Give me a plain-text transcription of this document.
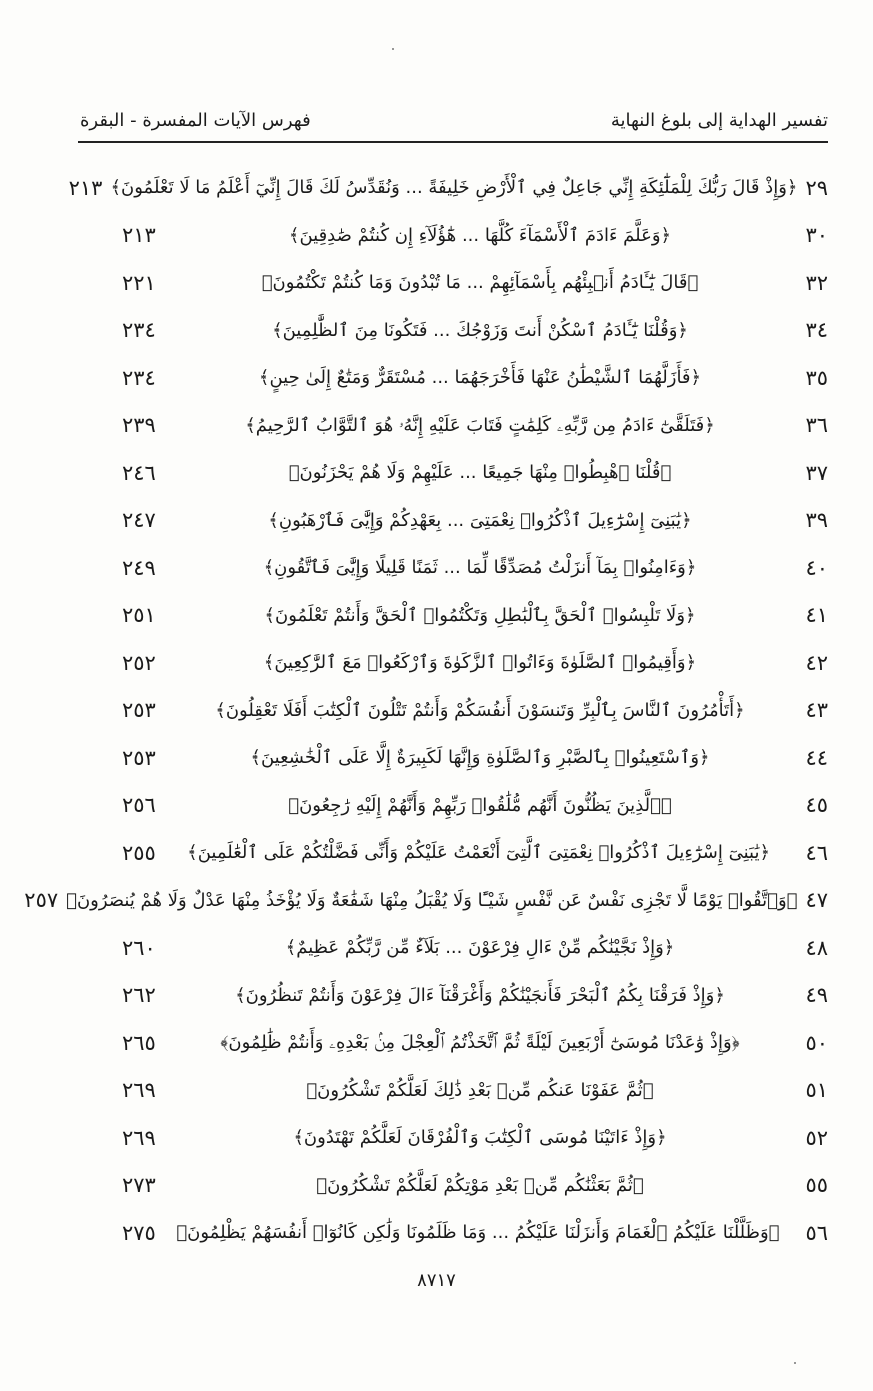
تفسير الهداية إلى بلوغ النهاية
فهرس الآيات المفسرة - البقرة
٢٩
﴿وَإِذْ قَالَ رَبُّكَ لِلْمَلَٰٓئِكَةِ إِنِّي جَاعِلٌ فِي ٱلْأَرْضِ خَلِيفَةً ... وَنُقَدِّسُ لَكَ قَالَ إِنِّيٓ أَعْلَمُ مَا لَا تَعْلَمُونَ﴾
٢١٣
٣٠
﴿وَعَلَّمَ ءَادَمَ ٱلْأَسْمَآءَ كُلَّهَا ... هَٰٓؤُلَآءِ إِن كُنتُمْ صَٰدِقِينَ﴾
٢١٣
٣٢
﴿قَالَ يَٰٓـَٔادَمُ أَنۢبِئْهُم بِأَسْمَآئِهِمْ ... مَا تُبْدُونَ وَمَا كُنتُمْ تَكْتُمُونَ﴾
٢٢١
٣٤
﴿وَقُلْنَا يَٰٓـَٔادَمُ ٱسْكُنْ أَنتَ وَزَوْجُكَ ... فَتَكُونَا مِنَ ٱلظَّٰلِمِينَ﴾
٢٣٤
٣٥
﴿فَأَزَلَّهُمَا ٱلشَّيْطَٰنُ عَنْهَا فَأَخْرَجَهُمَا ... مُسْتَقَرٌّ وَمَتَٰعٌ إِلَىٰ حِينٍ﴾
٢٣٤
٣٦
﴿فَتَلَقَّىٰٓ ءَادَمُ مِن رَّبِّهِۦ كَلِمَٰتٍ فَتَابَ عَلَيْهِ إِنَّهُۥ هُوَ ٱلتَّوَّابُ ٱلرَّحِيمُ﴾
٢٣٩
٣٧
﴿قُلْنَا ٱهْبِطُوا۟ مِنْهَا جَمِيعًا ... عَلَيْهِمْ وَلَا هُمْ يَحْزَنُونَ﴾
٢٤٦
٣٩
﴿يَٰبَنِىٓ إِسْرَٰٓءِيلَ ٱذْكُرُوا۟ نِعْمَتِىَ ... بِعَهْدِكُمْ وَإِيَّٰىَ فَٱرْهَبُونِ﴾
٢٤٧
٤٠
﴿وَءَامِنُوا۟ بِمَآ أَنزَلْتُ مُصَدِّقًا لِّمَا ... ثَمَنًا قَلِيلًا وَإِيَّٰىَ فَٱتَّقُونِ﴾
٢٤٩
٤١
﴿وَلَا تَلْبِسُوا۟ ٱلْحَقَّ بِٱلْبَٰطِلِ وَتَكْتُمُوا۟ ٱلْحَقَّ وَأَنتُمْ تَعْلَمُونَ﴾
٢٥١
٤٢
﴿وَأَقِيمُوا۟ ٱلصَّلَوٰةَ وَءَاتُوا۟ ٱلزَّكَوٰةَ وَٱرْكَعُوا۟ مَعَ ٱلرَّٰكِعِينَ﴾
٢٥٢
٤٣
﴿أَتَأْمُرُونَ ٱلنَّاسَ بِٱلْبِرِّ وَتَنسَوْنَ أَنفُسَكُمْ وَأَنتُمْ تَتْلُونَ ٱلْكِتَٰبَ أَفَلَا تَعْقِلُونَ﴾
٢٥٣
٤٤
﴿وَٱسْتَعِينُوا۟ بِٱلصَّبْرِ وَٱلصَّلَوٰةِ وَإِنَّهَا لَكَبِيرَةٌ إِلَّا عَلَى ٱلْخَٰشِعِينَ﴾
٢٥٣
٤٥
﴿ٱلَّذِينَ يَظُنُّونَ أَنَّهُم مُّلَٰقُوا۟ رَبِّهِمْ وَأَنَّهُمْ إِلَيْهِ رَٰجِعُونَ﴾
٢٥٦
٤٦
﴿يَٰبَنِىٓ إِسْرَٰٓءِيلَ ٱذْكُرُوا۟ نِعْمَتِىَ ٱلَّتِىٓ أَنْعَمْتُ عَلَيْكُمْ وَأَنِّى فَضَّلْتُكُمْ عَلَى ٱلْعَٰلَمِينَ﴾
٢٥٥
٤٧
﴿وَٱتَّقُوا۟ يَوْمًا لَّا تَجْزِى نَفْسٌ عَن نَّفْسٍ شَيْـًٔا وَلَا يُقْبَلُ مِنْهَا شَفَٰعَةٌ وَلَا يُؤْخَذُ مِنْهَا عَدْلٌ وَلَا هُمْ يُنصَرُونَ﴾
٢٥٧
٤٨
﴿وَإِذْ نَجَّيْنَٰكُم مِّنْ ءَالِ فِرْعَوْنَ ... بَلَآءٌ مِّن رَّبِّكُمْ عَظِيمٌ﴾
٢٦٠
٤٩
﴿وَإِذْ فَرَقْنَا بِكُمُ ٱلْبَحْرَ فَأَنجَيْنَٰكُمْ وَأَغْرَقْنَآ ءَالَ فِرْعَوْنَ وَأَنتُمْ تَنظُرُونَ﴾
٢٦٢
٥٠
﴿وَإِذْ وَٰعَدْنَا مُوسَىٰٓ أَرْبَعِينَ لَيْلَةً ثُمَّ ٱتَّخَذْتُمُ ٱلْعِجْلَ مِنۢ بَعْدِهِۦ وَأَنتُمْ ظَٰلِمُونَ﴾
٢٦٥
٥١
﴿ثُمَّ عَفَوْنَا عَنكُم مِّنۢ بَعْدِ ذَٰلِكَ لَعَلَّكُمْ تَشْكُرُونَ﴾
٢٦٩
٥٢
﴿وَإِذْ ءَاتَيْنَا مُوسَى ٱلْكِتَٰبَ وَٱلْفُرْقَانَ لَعَلَّكُمْ تَهْتَدُونَ﴾
٢٦٩
٥٥
﴿ثُمَّ بَعَثْنَٰكُم مِّنۢ بَعْدِ مَوْتِكُمْ لَعَلَّكُمْ تَشْكُرُونَ﴾
٢٧٣
٥٦
﴿وَظَلَّلْنَا عَلَيْكُمُ ٱلْغَمَامَ وَأَنزَلْنَا عَلَيْكُمُ ... وَمَا ظَلَمُونَا وَلَٰكِن كَانُوٓا۟ أَنفُسَهُمْ يَظْلِمُونَ﴾
٢٧٥
٨٧١٧
